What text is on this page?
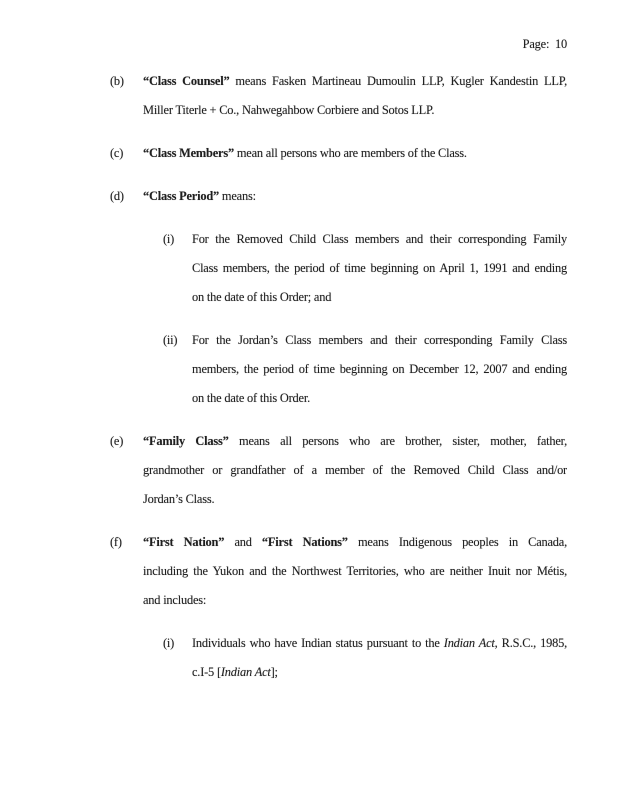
Page:  10
(b) “Class Counsel” means Fasken Martineau Dumoulin LLP, Kugler Kandestin LLP,
Miller Titerle + Co., Nahwegahbow Corbiere and Sotos LLP.
(c) “Class Members” mean all persons who are members of the Class.
(d) “Class Period” means:
(i) For the Removed Child Class members and their corresponding Family
Class members, the period of time beginning on April 1, 1991 and ending
on the date of this Order; and
(ii) For the Jordan’s Class members and their corresponding Family Class
members, the period of time beginning on December 12, 2007 and ending
on the date of this Order.
(e) “Family Class” means all persons who are brother, sister, mother, father,
grandmother or grandfather of a member of the Removed Child Class and/or
Jordan’s Class.
(f) “First Nation” and “First Nations” means Indigenous peoples in Canada,
including the Yukon and the Northwest Territories, who are neither Inuit nor Métis,
and includes:
(i) Individuals who have Indian status pursuant to the Indian Act, R.S.C., 1985,
c.I-5 [Indian Act];
